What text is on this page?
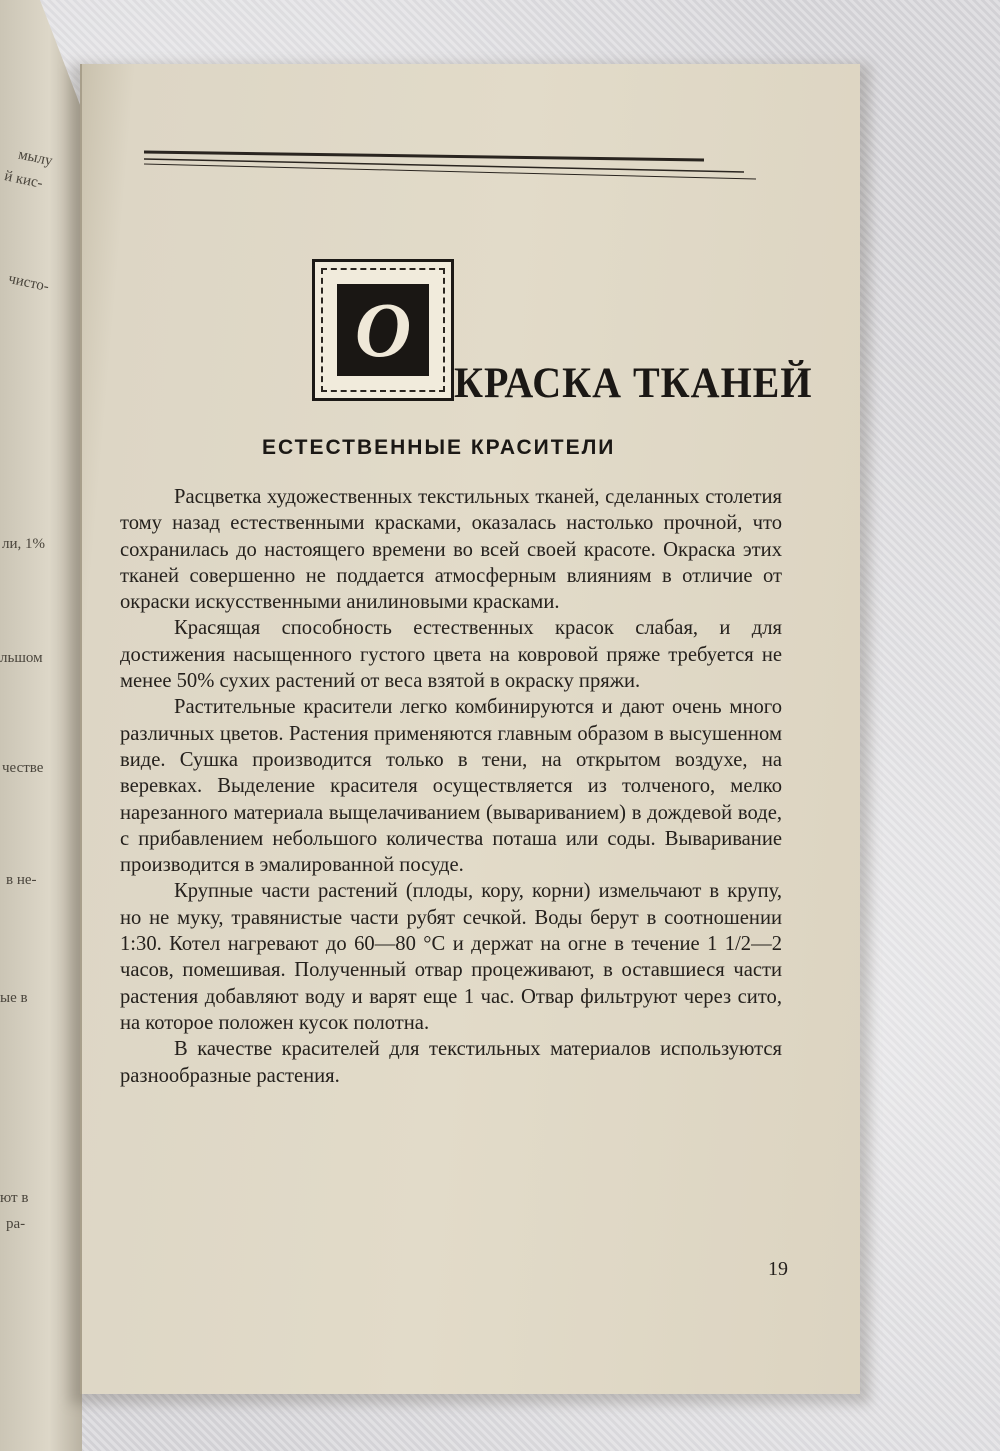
мылу
й кис-
чисто-
ли, 1%
льшом
честве
в не-
ые в
ют в
ра-
О
КРАСКА ТКАНЕЙ
ЕСТЕСТВЕННЫЕ КРАСИТЕЛИ

Расцветка художественных текстильных тканей, сделанных столетия тому назад естественными красками, оказалась настолько прочной, что сохранилась до настоящего времени во всей своей красоте. Окраска этих тканей совершенно не поддается атмосферным влияниям в отличие от окраски искусственными анилиновыми красками.

Красящая способность естественных красок слабая, и для достижения насыщенного густого цвета на ковровой пряже требуется не менее 50% сухих растений от веса взятой в окраску пряжи.

Растительные красители легко комбинируются и дают очень много различных цветов. Растения применяются главным образом в высушенном виде. Сушка производится только в тени, на открытом воздухе, на веревках. Выделение красителя осуществляется из толченого, мелко нарезанного материала выщелачиванием (вывариванием) в дождевой воде, с прибавлением небольшого количества поташа или соды. Вываривание производится в эмалированной посуде.

Крупные части растений (плоды, кору, корни) измельчают в крупу, но не муку, травянистые части рубят сечкой. Воды берут в соотношении 1:30. Котел нагревают до 60—80 °С и держат на огне в течение 1 1/2—2 часов, помешивая. Полученный отвар процеживают, в оставшиеся части растения добавляют воду и варят еще 1 час. Отвар фильтруют через сито, на которое положен кусок полотна.

В качестве красителей для текстильных материалов используются разнообразные растения.

19
